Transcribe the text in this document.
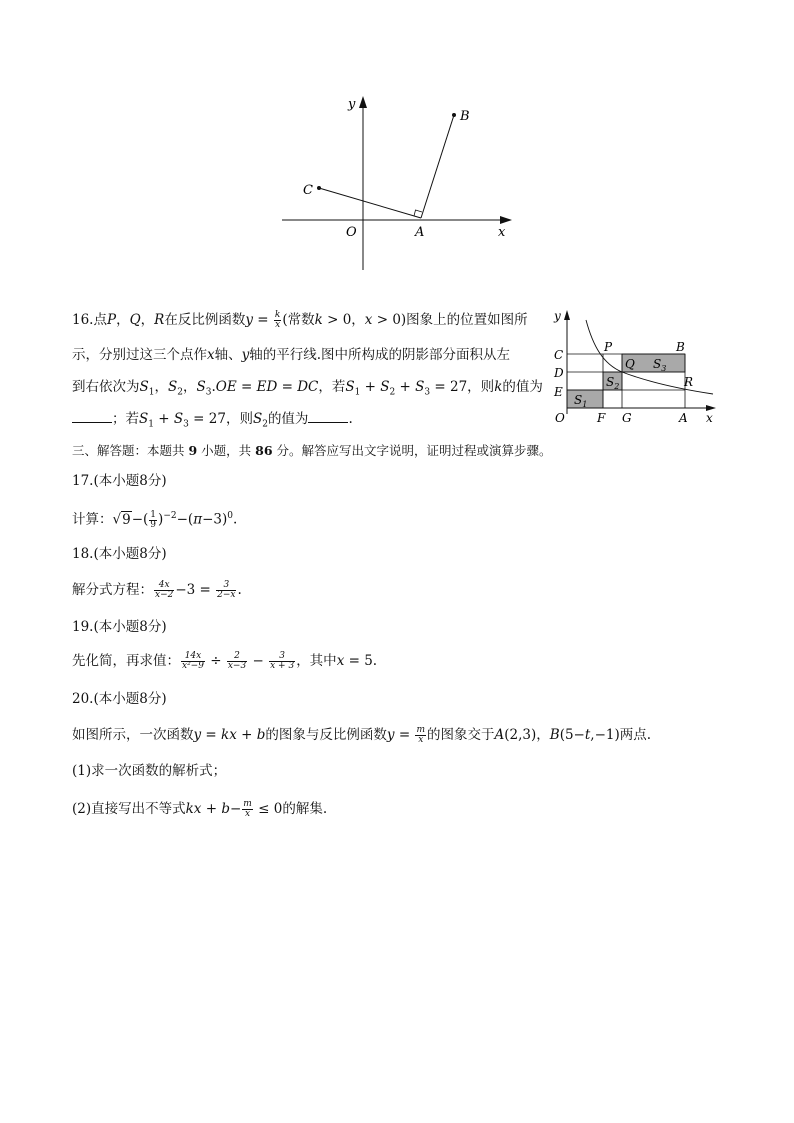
y
x
O	A
B
C
y
x
O	F G	A
C
D
E
P
Q
B
R
$S_1$
$S_2$
$S_3$
16.点P，Q，R在反比例函数$y = \frac{k}{x}$ (常数k > 0，x > 0)图象上的位置如图所
示，分别过这三个点作x轴、y轴的平行线.图中所构成的阴影部分面积从左
到右依次为$S_1$，$S_2$，$S_3.OE$ = ED = DC，若$S_1 + S_2 + S_3 = 27$，则k的值为
；若$S_1 + S_3 = 27$，则$S_2$的值为	.
三、解答题：本题共 9 小题，共 86 分。解答应写出文字说明，证明过程或演算步骤。
17.(本小题8分)
计算：$√9-( \frac{1}{9} )^{-2}-(\pi-3)^0$.
18.(本小题8分)
解分式方程： $\frac{4x}{x-2} -3 = \frac{3}{2-x}$ .
19.(本小题8分)
先化简，再求值： $\frac{14x}{\text{x²−9}} \div \frac{2}{x-3} - \frac{3}{x + 3}$ ，其中x = 5.
20.(本小题8分)
如图所示，一次函数y = kx + b的图象与反比例函数$y = \frac{m}{x}$ 的图象交于A(2,3)，B(5−t,−1)两点.
(1)求一次函数的解析式；
(2)直接写出不等式kx + $b- \frac{m}{x} \le 0$的解集.
